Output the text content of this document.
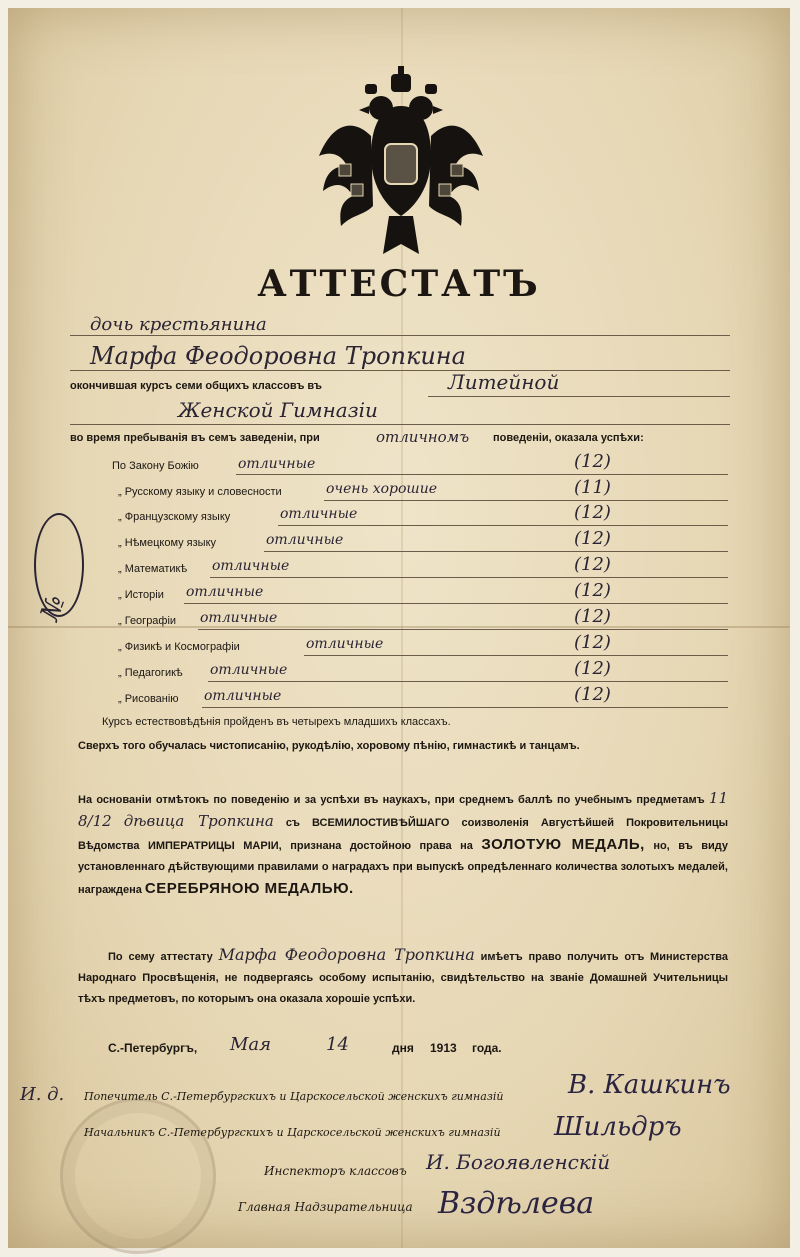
АТТЕСТАТЪ
№
дочь крестьянина
Марфа Феодоровна Тропкина
окончившая курсъ семи общихъ классовъ въ	Литейной
Женской Гимназіи
во время пребыванія въ семъ заведеніи, при	отличномъ поведеніи, оказала успѣхи:
По Закону Божію	отличные	(12)
„ Русскому языку и словесности	очень хорошие	(11)
„ Французскому языку	отличные	(12)
„ Нѣмецкому языку	отличные	(12)
„ Математикѣ отличные	(12)
„ Исторіи отличные	(12)
„ Географіи отличные	(12)
„ Физикѣ и Космографіи	отличные	(12)
„ Педагогикѣ отличные	(12)
„ Рисованію отличные	(12)
Курсъ естествовѣдѣнія пройденъ въ четырехъ младшихъ классахъ.
Сверхъ того обучалась чистописанію, рукодѣлію, хоровому пѣнію, гимнастикѣ и танцамъ.
На основаніи отмѣтокъ по поведенію и за успѣхи въ наукахъ, при среднемъ баллѣ по учебнымъ предметамъ 11 8/12 дѣвица Тропкина съ ВСЕМИЛОСТИВѢЙШАГО соизволенія Августѣйшей Покровительницы Вѣдомства ИМПЕРАТРИЦЫ МАРІИ, признана достойною права на ЗОЛОТУЮ МЕДАЛЬ, но, въ виду установленнаго дѣйствующими правилами о наградахъ при выпускѣ опредѣленнаго количества золотыхъ медалей, награждена СЕРЕБРЯНОЮ МЕДАЛЬЮ.
По сему аттестату Марфа Феодоровна Тропкина имѣетъ право получить отъ Министерства Народнаго Просвѣщенія, не подвергаясь особому испытанію, свидѣтельство на званіе Домашней Учительницы тѣхъ предметовъ, по которымъ она оказала хорошіе успѣхи.
С.-Петербургъ, Мая	14	дня 1913 года.
И. д. Попечитель С.-Петербургскихъ и Царскосельской женскихъ гимназій В. Кашкинъ
Начальникъ С.-Петербургскихъ и Царскосельской женскихъ гимназій Шильдръ
Инспекторъ классовъ И. Богоявленскій
Главная Надзирательница Вздѣлева
